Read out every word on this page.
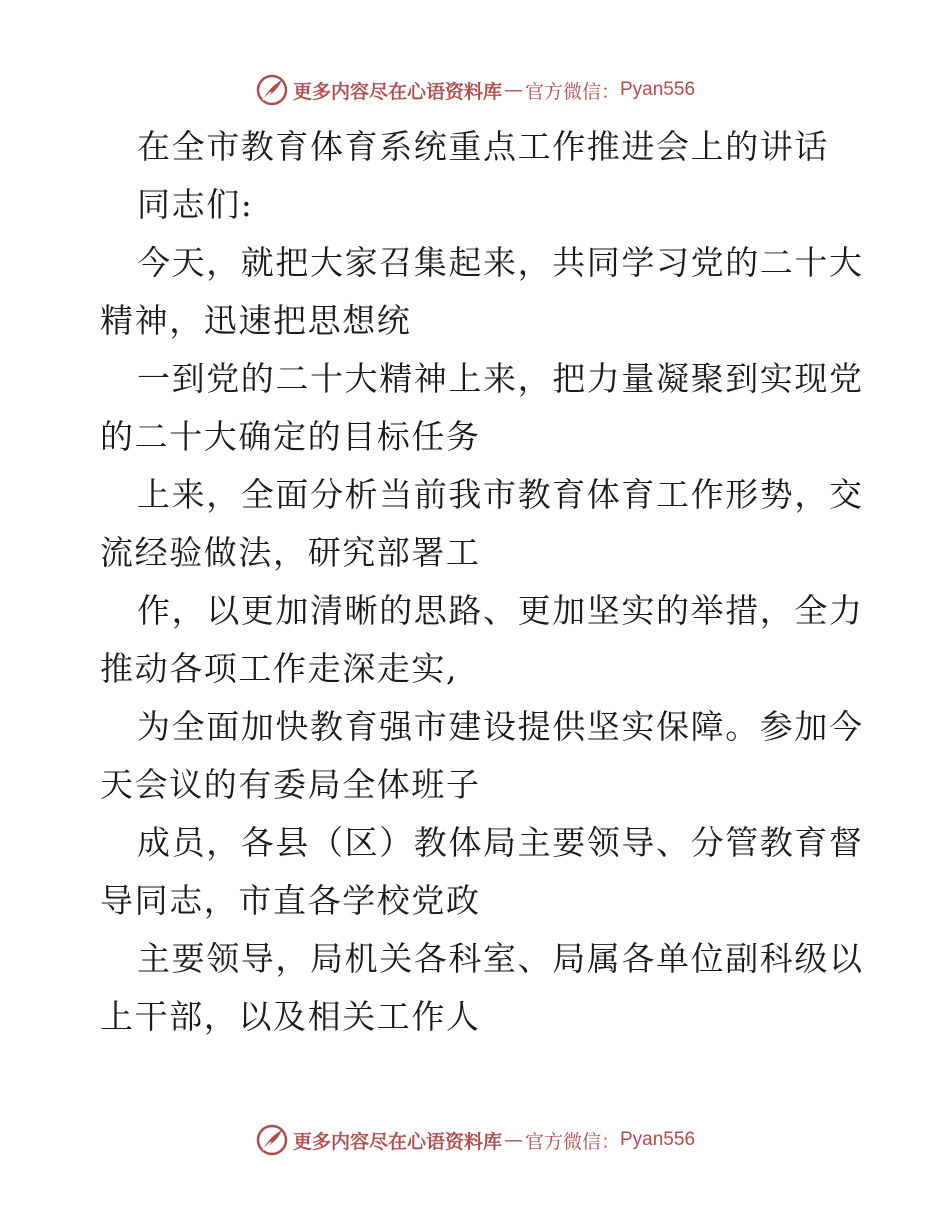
更多内容尽在心语资料库 — 官方微信： Pyan556
在全市教育体育系统重点工作推进会上的讲话
同志们:
今天，就把大家召集起来，共同学习党的二十大
精神，迅速把思想统
一到党的二十大精神上来，把力量凝聚到实现党
的二十大确定的目标任务
上来，全面分析当前我市教育体育工作形势，交
流经验做法，研究部署工
作，以更加清晰的思路、更加坚实的举措，全力
推动各项工作走深走实,
为全面加快教育强市建设提供坚实保障。参加今
天会议的有委局全体班子
成员，各县（区）教体局主要领导、分管教育督
导同志，市直各学校党政
主要领导，局机关各科室、局属各单位副科级以
上干部，以及相关工作人
更多内容尽在心语资料库 — 官方微信： Pyan556
